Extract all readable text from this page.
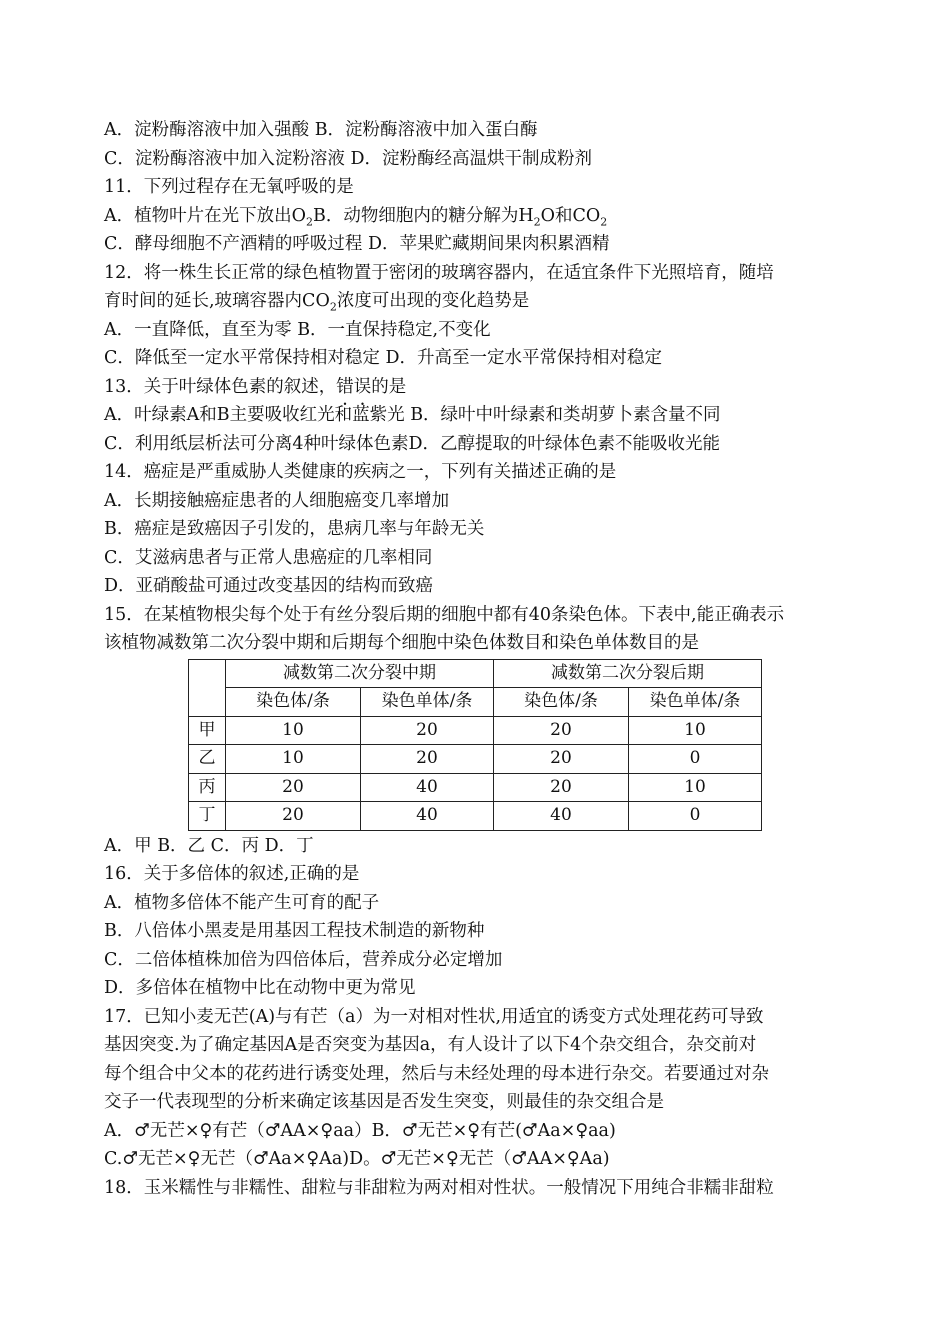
A．淀粉酶溶液中加入强酸 B．淀粉酶溶液中加入蛋白酶
C．淀粉酶溶液中加入淀粉溶液 D．淀粉酶经高温烘干制成粉剂
11．下列过程存在无氧呼吸的是
A．植物叶片在光下放出$O_2B$．动物细胞内的糖分解为$H_2O$和$CO_2$
C．酵母细胞不产酒精的呼吸过程 D．苹果贮藏期间果肉积累酒精
12．将一株生长正常的绿色植物置于密闭的玻璃容器内，在适宜条件下光照培育，随培
育时间的延长,玻璃容器内$CO_2$浓度可出现的变化趋势是
A．一直降低，直至为零 B．一直保持稳定,不变化
C．降低至一定水平常保持相对稳定 D．升高至一定水平常保持相对稳定
13．关于叶绿体色素的叙述，错误的是
A．叶绿素A和B主要吸收红光和蓝紫光 B．绿叶中叶绿素和类胡萝卜素含量不同
C．利用纸层析法可分离4种叶绿体色素D．乙醇提取的叶绿体色素不能吸收光能
14．癌症是严重威胁人类健康的疾病之一，下列有关描述正确的是
A．长期接触癌症患者的人细胞癌变几率增加
B．癌症是致癌因子引发的，患病几率与年龄无关
C．艾滋病患者与正常人患癌症的几率相同
D．亚硝酸盐可通过改变基因的结构而致癌
15．在某植物根尖每个处于有丝分裂后期的细胞中都有40条染色体。下表中,能正确表示
该植物减数第二次分裂中期和后期每个细胞中染色体数目和染色单体数目的是
	减数第二次分裂中期		减数第二次分裂后期	
	染色体/条	染色单体/条	染色体/条	染色单体/条
甲	10	20	20	10
乙	10	20	20	0
丙	20	40	20	10
丁	20	40	40	0
A．甲 B．乙 C．丙 D．丁
16．关于多倍体的叙述,正确的是
A．植物多倍体不能产生可育的配子
B．八倍体小黑麦是用基因工程技术制造的新物种
C．二倍体植株加倍为四倍体后，营养成分必定增加
D．多倍体在植物中比在动物中更为常见
17．已知小麦无芒(A)与有芒（a）为一对相对性状,用适宜的诱变方式处理花药可导致
基因突变.为了确定基因A是否突变为基因a，有人设计了以下4个杂交组合，杂交前对
每个组合中父本的花药进行诱变处理，然后与未经处理的母本进行杂交。若要通过对杂
交子一代表现型的分析来确定该基因是否发生突变，则最佳的杂交组合是
A．♂无芒×♀有芒（♂AA×♀aa）B．♂无芒×♀有芒(♂Aa×♀aa)
C.♂无芒×♀无芒（♂Aa×♀Aa)D。♂无芒×♀无芒（♂AA×♀Aa)
18．玉米糯性与非糯性、甜粒与非甜粒为两对相对性状。一般情况下用纯合非糯非甜粒
